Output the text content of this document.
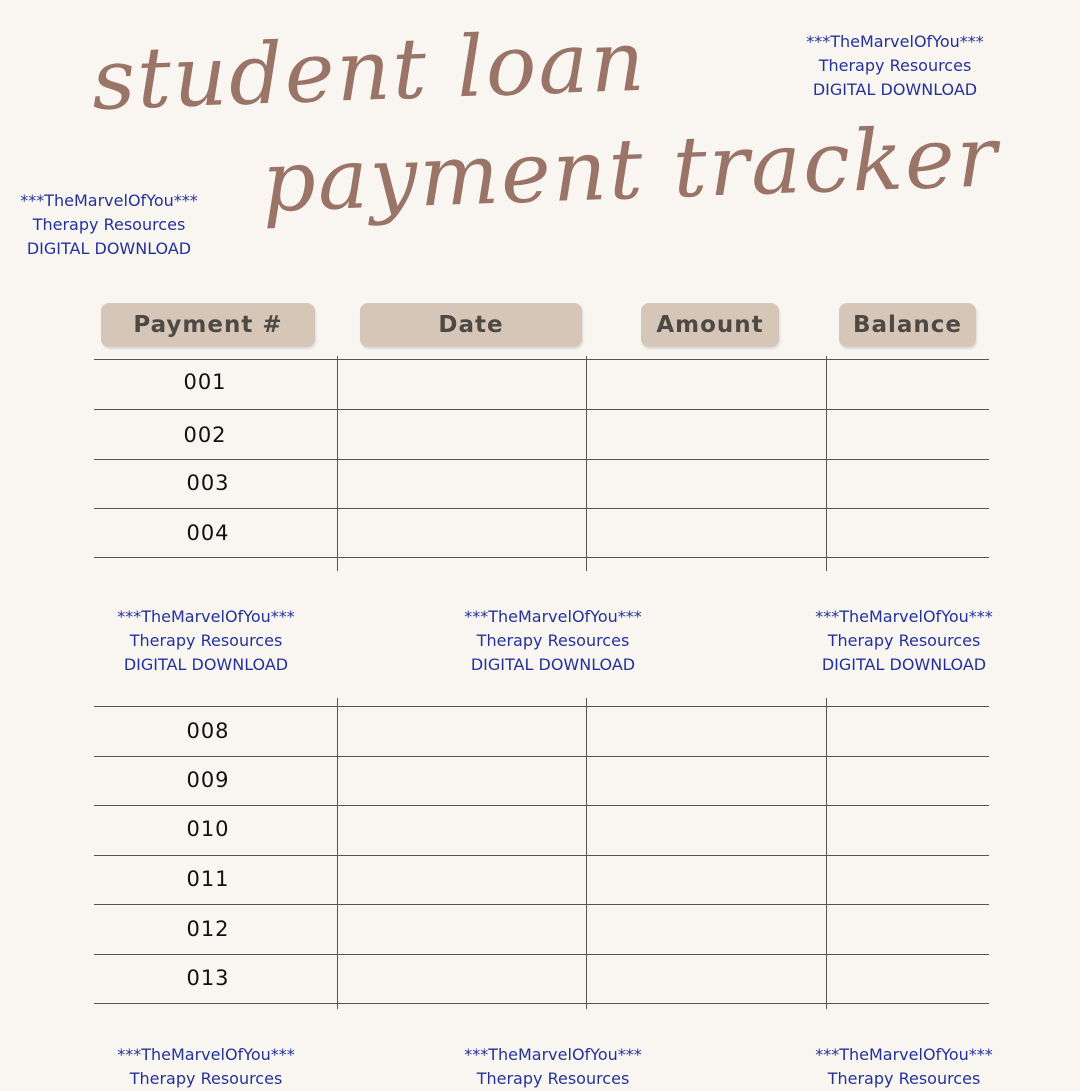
student loan
payment tracker
***TheMarvelOfYou***
Therapy Resources
DIGITAL DOWNLOAD
***TheMarvelOfYou***
Therapy Resources
DIGITAL DOWNLOAD
***TheMarvelOfYou***
Therapy Resources
DIGITAL DOWNLOAD
***TheMarvelOfYou***
Therapy Resources
DIGITAL DOWNLOAD
***TheMarvelOfYou***
Therapy Resources
DIGITAL DOWNLOAD
***TheMarvelOfYou***
Therapy Resources
***TheMarvelOfYou***
Therapy Resources
***TheMarvelOfYou***
Therapy Resources
Payment #	Date	Amount	Balance
001
002
003
004
008
009
010
011
012
013
